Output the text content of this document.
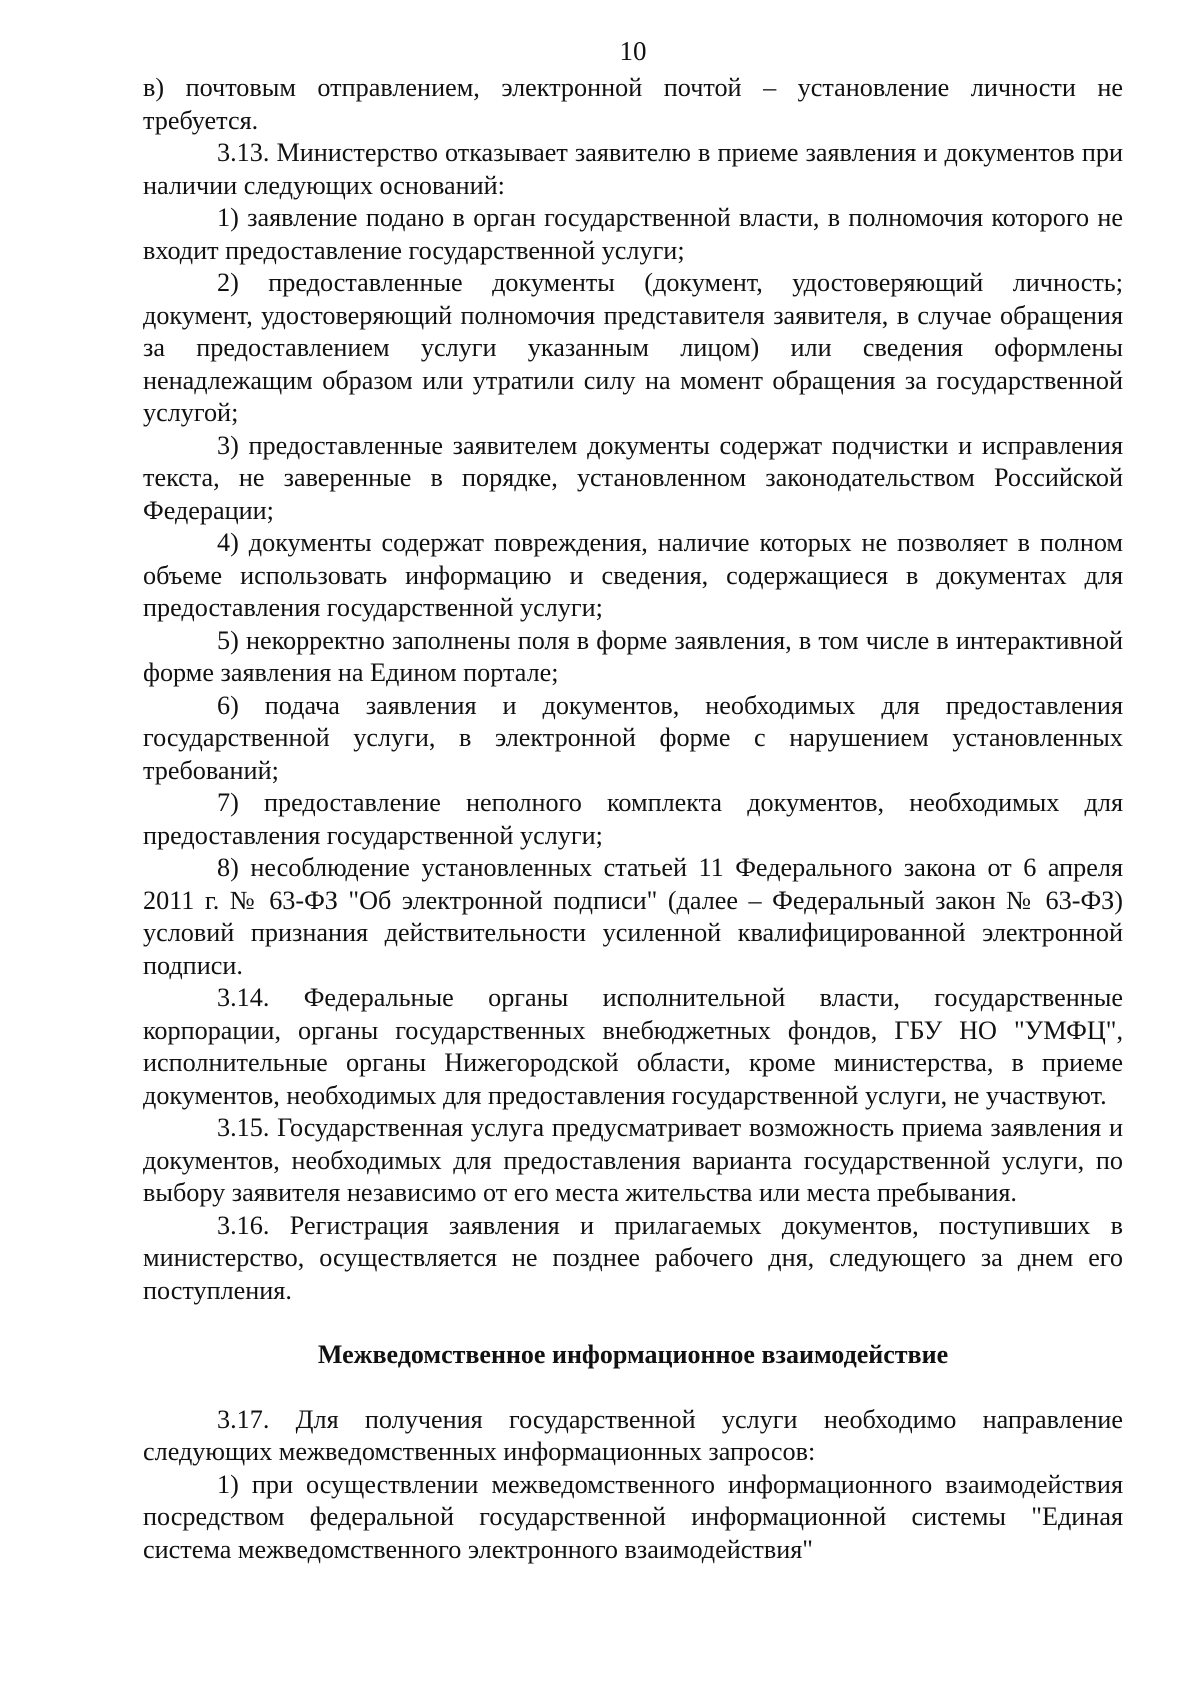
10

в) почтовым отправлением, электронной почтой – установление личности не требуется.

3.13. Министерство отказывает заявителю в приеме заявления и документов при наличии следующих оснований:

1) заявление подано в орган государственной власти, в полномочия которого не входит предоставление государственной услуги;

2) предоставленные документы (документ, удостоверяющий личность; документ, удостоверяющий полномочия представителя заявителя, в случае обращения за предоставлением услуги указанным лицом) или сведения оформлены ненадлежащим образом или утратили силу на момент обращения за государственной услугой;

3) предоставленные заявителем документы содержат подчистки и исправления текста, не заверенные в порядке, установленном законодательством Российской Федерации;

4) документы содержат повреждения, наличие которых не позволяет в полном объеме использовать информацию и сведения, содержащиеся в документах для предоставления государственной услуги;

5) некорректно заполнены поля в форме заявления, в том числе в интерактивной форме заявления на Едином портале;

6) подача заявления и документов, необходимых для предоставления государственной услуги, в электронной форме с нарушением установленных требований;

7) предоставление неполного комплекта документов, необходимых для предоставления государственной услуги;

8) несоблюдение установленных статьей 11 Федерального закона от 6 апреля 2011 г. № 63-ФЗ "Об электронной подписи" (далее – Федеральный закон № 63-ФЗ) условий признания действительности усиленной квалифицированной электронной подписи.

3.14. Федеральные органы исполнительной власти, государственные корпорации, органы государственных внебюджетных фондов, ГБУ НО "УМФЦ", исполнительные органы Нижегородской области, кроме министерства, в приеме документов, необходимых для предоставления государственной услуги, не участвуют.

3.15. Государственная услуга предусматривает возможность приема заявления и документов, необходимых для предоставления варианта государственной услуги, по выбору заявителя независимо от его места жительства или места пребывания.

3.16. Регистрация заявления и прилагаемых документов, поступивших в министерство, осуществляется не позднее рабочего дня, следующего за днем его поступления.

Межведомственное информационное взаимодействие

3.17. Для получения государственной услуги необходимо направление следующих межведомственных информационных запросов:

1) при осуществлении межведомственного информационного взаимодействия посредством федеральной государственной информационной системы "Единая система межведомственного электронного взаимодействия"
